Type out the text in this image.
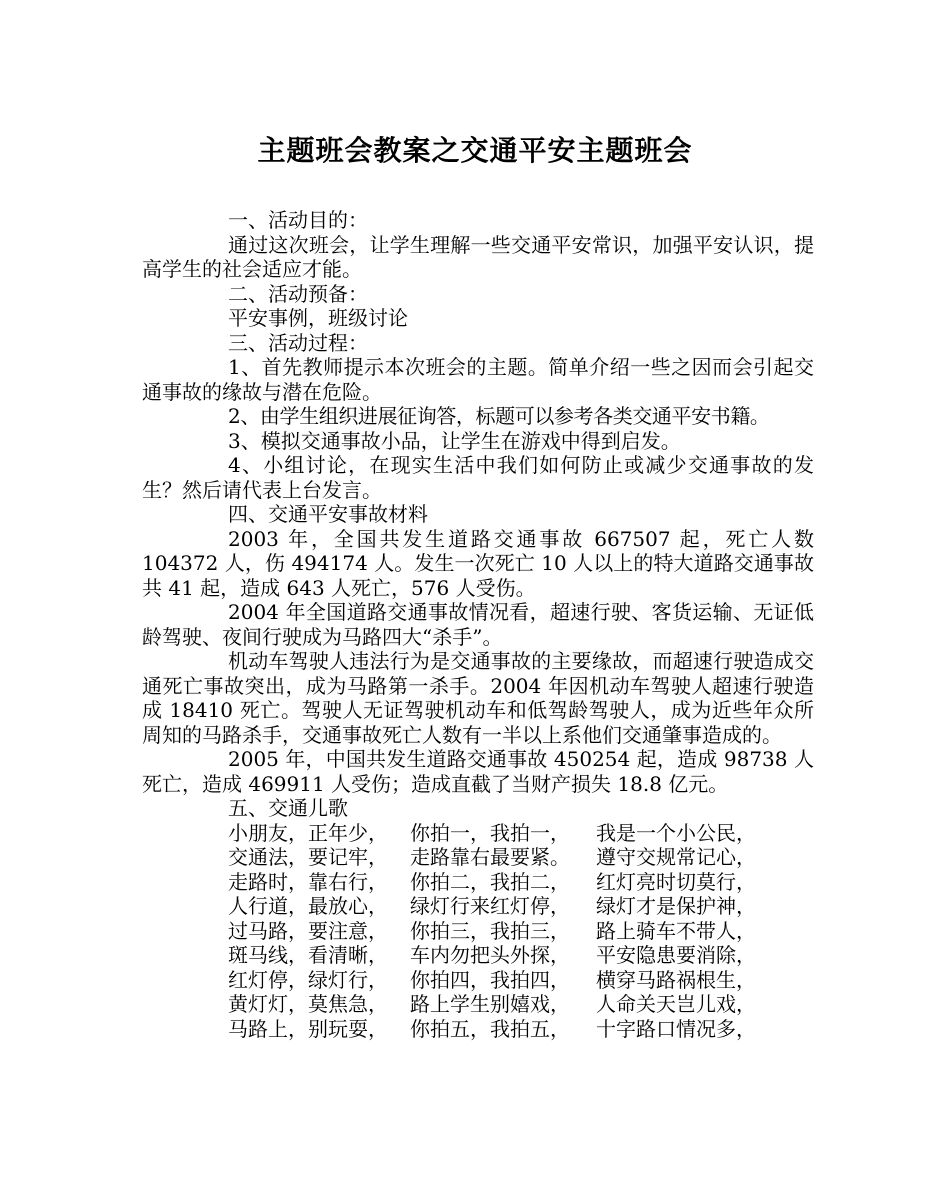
主题班会教案之交通平安主题班会

一、活动目的：

通过这次班会，让学生理解一些交通平安常识，加强平安认识，提高学生的社会适应才能。

二、活动预备：

平安事例，班级讨论

三、活动过程：

1、首先教师提示本次班会的主题。简单介绍一些之因而会引起交通事故的缘故与潜在危险。

2、由学生组织进展征询答，标题可以参考各类交通平安书籍。

3、模拟交通事故小品，让学生在游戏中得到启发。

4、小组讨论，在现实生活中我们如何防止或减少交通事故的发生？然后请代表上台发言。

四、交通平安事故材料

2003 年，全国共发生道路交通事故 667507 起，死亡人数 104372 人，伤 494174 人。发生一次死亡 10 人以上的特大道路交通事故共 41 起，造成 643 人死亡，576 人受伤。

2004 年全国道路交通事故情况看，超速行驶、客货运输、无证低龄驾驶、夜间行驶成为马路四大“杀手”。

机动车驾驶人违法行为是交通事故的主要缘故，而超速行驶造成交通死亡事故突出，成为马路第一杀手。2004 年因机动车驾驶人超速行驶造成 18410 死亡。驾驶人无证驾驶机动车和低驾龄驾驶人，成为近些年众所周知的马路杀手，交通事故死亡人数有一半以上系他们交通肇事造成的。

2005 年，中国共发生道路交通事故 450254 起，造成 98738 人死亡，造成 469911 人受伤；造成直截了当财产损失 18.8 亿元。

五、交通儿歌

小朋友，正年少，	你拍一，我拍一，	我是一个小公民，
交通法，要记牢，	走路靠右最要紧。	遵守交规常记心，
走路时，靠右行，	你拍二，我拍二，	红灯亮时切莫行，
人行道，最放心，	绿灯行来红灯停，	绿灯才是保护神，
过马路，要注意，	你拍三，我拍三，	路上骑车不带人，
斑马线，看清晰，	车内勿把头外探，	平安隐患要消除，
红灯停，绿灯行，	你拍四，我拍四，	横穿马路祸根生，
黄灯灯，莫焦急，	路上学生别嬉戏，	人命关天岂儿戏，
马路上，别玩耍，	你拍五，我拍五，	十字路口情况多，
